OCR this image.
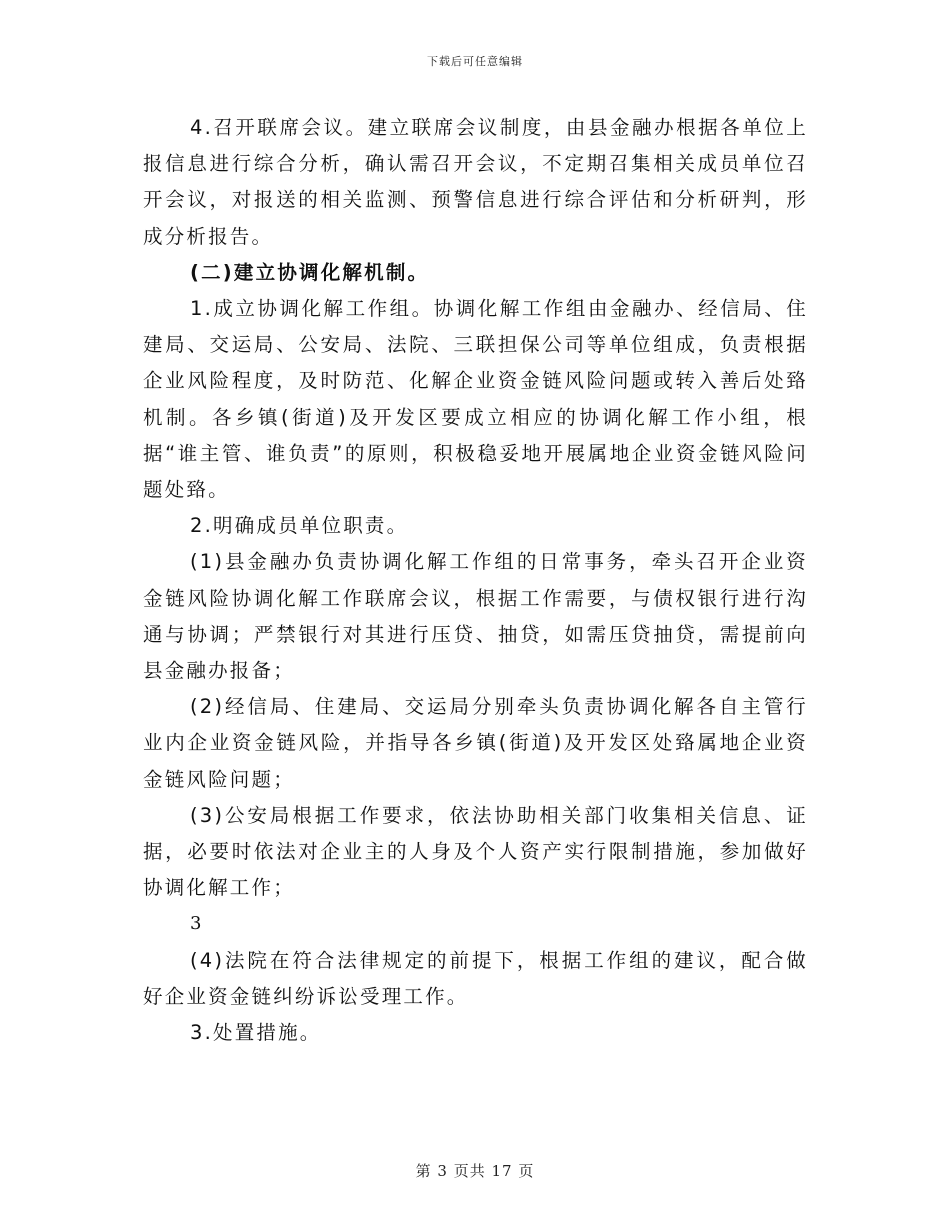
下载后可任意编辑

4.召开联席会议。建立联席会议制度，由县金融办根据各单位上报信息进行综合分析，确认需召开会议，不定期召集相关成员单位召开会议，对报送的相关监测、预警信息进行综合评估和分析研判，形成分析报告。

(二)建立协调化解机制。

1.成立协调化解工作组。协调化解工作组由金融办、经信局、住建局、交运局、公安局、法院、三联担保公司等单位组成，负责根据企业风险程度，及时防范、化解企业资金链风险问题或转入善后处臵机制。各乡镇(街道)及开发区要成立相应的协调化解工作小组，根据“谁主管、谁负责”的原则，积极稳妥地开展属地企业资金链风险问题处臵。

2.明确成员单位职责。

(1)县金融办负责协调化解工作组的日常事务，牵头召开企业资金链风险协调化解工作联席会议，根据工作需要，与债权银行进行沟通与协调；严禁银行对其进行压贷、抽贷，如需压贷抽贷，需提前向县金融办报备；

(2)经信局、住建局、交运局分别牵头负责协调化解各自主管行业内企业资金链风险，并指导各乡镇(街道)及开发区处臵属地企业资金链风险问题；

(3)公安局根据工作要求，依法协助相关部门收集相关信息、证据，必要时依法对企业主的人身及个人资产实行限制措施，参加做好协调化解工作；

3

(4)法院在符合法律规定的前提下，根据工作组的建议，配合做好企业资金链纠纷诉讼受理工作。

3.处置措施。

第 3 页共 17 页
